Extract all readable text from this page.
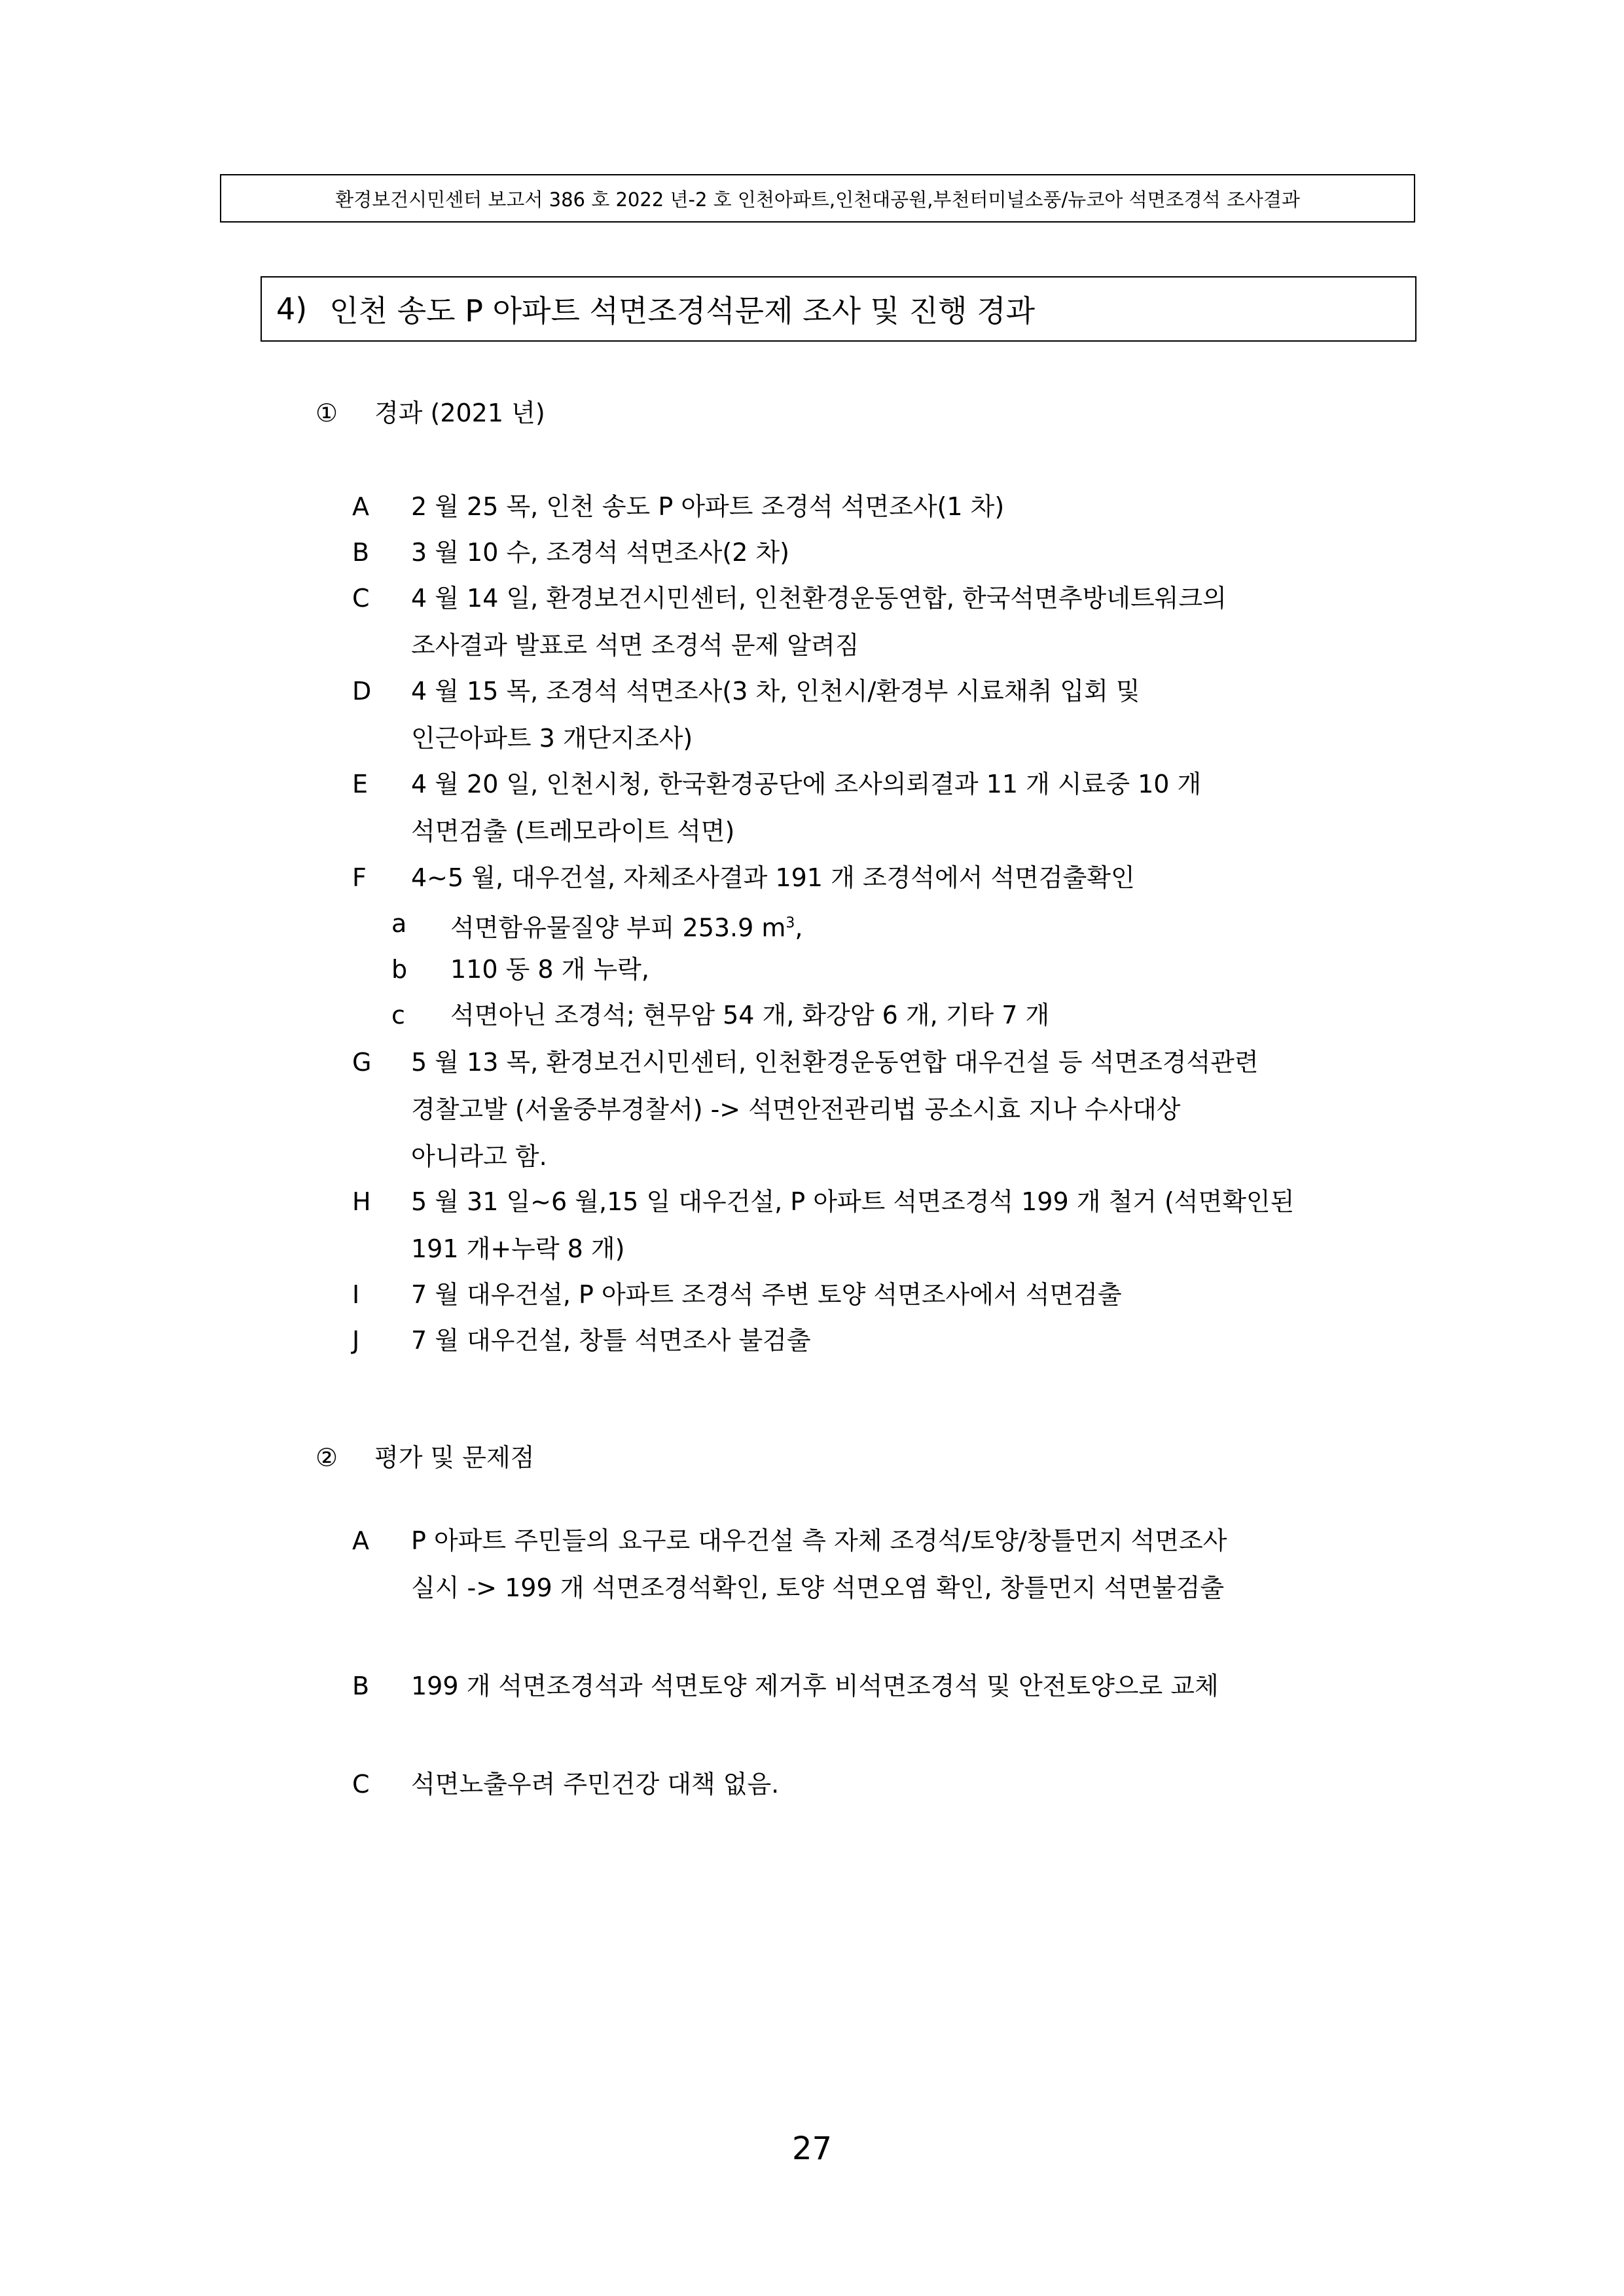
환경보건시민센터 보고서 386 호 2022 년-2 호 인천아파트,인천대공원,부천터미널소풍/뉴코아 석면조경석 조사결과
4) 인천 송도 P 아파트 석면조경석문제 조사 및 진행 경과
① 경과 (2021 년)
A 2 월 25 목, 인천 송도 P 아파트 조경석 석면조사(1 차)
B 3 월 10 수, 조경석 석면조사(2 차)
C 4 월 14 일, 환경보건시민센터, 인천환경운동연합, 한국석면추방네트워크의
조사결과 발표로 석면 조경석 문제 알려짐
D 4 월 15 목, 조경석 석면조사(3 차, 인천시/환경부 시료채취 입회 및
인근아파트 3 개단지조사)
E 4 월 20 일, 인천시청, 한국환경공단에 조사의뢰결과 11 개 시료중 10 개
석면검출 (트레모라이트 석면)
F 4~5 월, 대우건설, 자체조사결과 191 개 조경석에서 석면검출확인
a 석면함유물질양 부피 253.9 $m^3$,
b 110 동 8 개 누락,
c 석면아닌 조경석; 현무암 54 개, 화강암 6 개, 기타 7 개
G 5 월 13 목, 환경보건시민센터, 인천환경운동연합 대우건설 등 석면조경석관련
경찰고발 (서울중부경찰서) -> 석면안전관리법 공소시효 지나 수사대상
아니라고 함.
H 5 월 31 일~6 월,15 일 대우건설, P 아파트 석면조경석 199 개 철거 (석면확인된
191 개+누락 8 개)
I 7 월 대우건설, P 아파트 조경석 주변 토양 석면조사에서 석면검출
J 7 월 대우건설, 창틀 석면조사 불검출
② 평가 및 문제점
A P 아파트 주민들의 요구로 대우건설 측 자체 조경석/토양/창틀먼지 석면조사
실시 -> 199 개 석면조경석확인, 토양 석면오염 확인, 창틀먼지 석면불검출
B 199 개 석면조경석과 석면토양 제거후 비석면조경석 및 안전토양으로 교체
C 석면노출우려 주민건강 대책 없음.
27
